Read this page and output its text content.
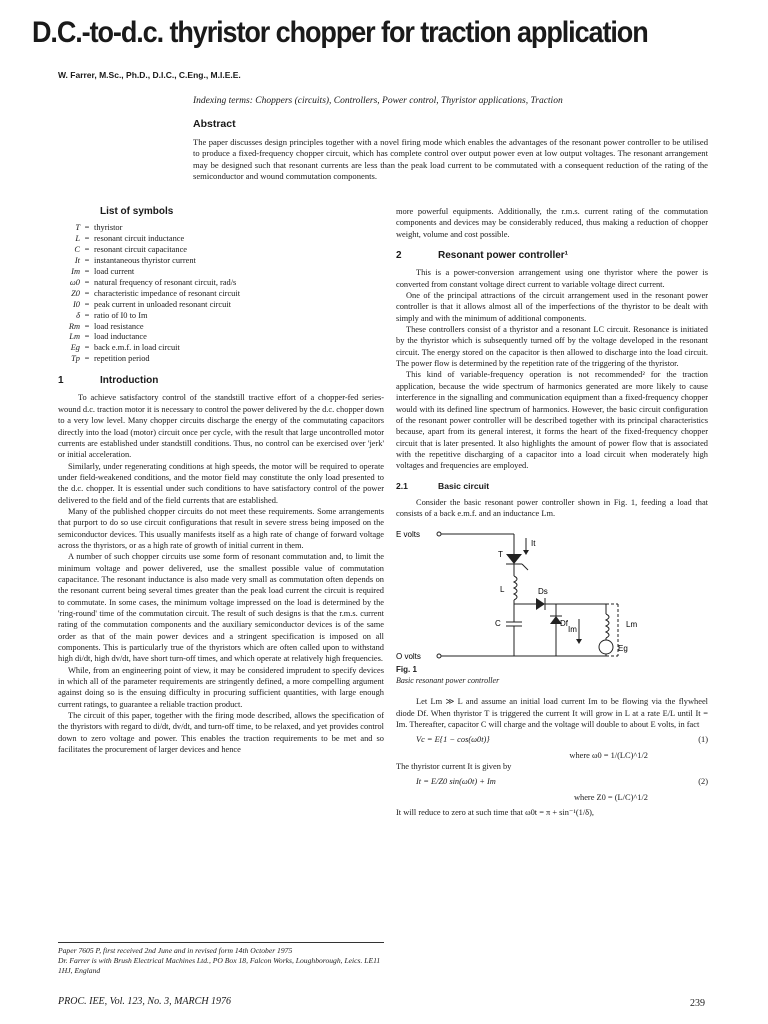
D.C.-to-d.c. thyristor chopper for traction application
W. Farrer, M.Sc., Ph.D., D.I.C., C.Eng., M.I.E.E.
Indexing terms: Choppers (circuits), Controllers, Power control, Thyristor applications, Traction
Abstract
The paper discusses design principles together with a novel firing mode which enables the advantages of the resonant power controller to be utilised to produce a fixed-frequency chopper circuit, which has complete control over output power even at low output voltages. The resonant arrangement may be designed such that resonant currents are less than the peak load current to be commutated with a consequent reduction of the rating of the semiconductor and wound commutation components.
List of symbols
T = thyristor
L = resonant circuit inductance
C = resonant circuit capacitance
It = instantaneous thyristor current
Im = load current
ω0 = natural frequency of resonant circuit, rad/s
Z0 = characteristic impedance of resonant circuit
I0 = peak current in unloaded resonant circuit
δ = ratio of I0 to Im
Rm = load resistance
Lm = load inductance
Eg = back e.m.f. in load circuit
Tp = repetition period
1	Introduction

To achieve satisfactory control of the standstill tractive effort of a chopper-fed series-wound d.c. traction motor it is necessary to control the power delivered by the d.c. chopper down to a very low level. Many chopper circuits discharge the energy of the commutating capacitors directly into the load (motor) circuit once per cycle, with the result that large uncontrolled motor currents are established under standstill conditions. Thus, no control can be exercised over 'jerk' or initial acceleration.

Similarly, under regenerating conditions at high speeds, the motor will be required to operate under field-weakened conditions, and the motor field may constitute the only load presented to the d.c. chopper. It is essential under such conditions to have satisfactory control of the power delivered to the field and of the field currents that are established.

Many of the published chopper circuits do not meet these requirements. Some arrangements that purport to do so use circuit configurations that result in severe stress being imposed on the semiconductor devices. This usually manifests itself as a high rate of change of forward voltage across the thyristors, or as a high rate of growth of initial current in them.

A number of such chopper circuits use some form of resonant commutation and, to limit the minimum voltage and power delivered, use the smallest possible value of commutation capacitance. The resonant inductance is also made very small as commutation often depends on the resonant current being several times greater than the peak load current the circuit is required to commutate. In some cases, the minimum voltage impressed on the load is determined by the 'ring-round' time of the commutation circuit. The result of such designs is that the r.m.s. current rating of the commutation components and the auxiliary semiconductor devices is of the same order as that of the main power devices and a stringent specification is imposed on all components. This is particularly true of the thyristors which are often called upon to withstand high di/dt, high dv/dt, have short turn-off times, and which operate at relatively high frequencies.

While, from an engineering point of view, it may be considered imprudent to specify devices in which all of the parameter requirements are stringently defined, a more compelling argument against doing so is the ensuing difficulty in procuring sufficient quantities, with large enough current ratings, to guarantee a reliable traction product.

The circuit of this paper, together with the firing mode described, allows the specification of the thyristors with regard to di/dt, dv/dt, and turn-off time, to be relaxed, and yet provides control down to zero voltage and power. This enables the traction requirements to be met and so facilitates the procurement of larger devices and hence

Paper 7605 P, first received 2nd June and in revised form 14th October 1975
Dr. Farrer is with Brush Electrical Machines Ltd., PO Box 18, Falcon Works, Loughborough, Leics. LE11 1HJ, England

more powerful equipments. Additionally, the r.m.s. current rating of the commutation components and devices may be considerably reduced, thus making a reduction of chopper weight, volume and cost possible.

2	Resonant power controller¹

This is a power-conversion arrangement using one thyristor where the power is converted from constant voltage direct current to variable voltage direct current.

One of the principal attractions of the circuit arrangement used in the resonant power controller is that it allows almost all of the imperfections of the thyristor to be dealt with simply and with the minimum of additional components.

These controllers consist of a thyristor and a resonant LC circuit. Resonance is initiated by the thyristor which is subsequently turned off by the voltage developed in the resonant circuit. The energy stored on the capacitor is then allowed to discharge into the load circuit. The power flow is determined by the repetition rate of the triggering of the thyristor.

This kind of variable-frequency operation is not recommended² for the traction application, because the wide spectrum of harmonics generated are more likely to cause interference in the signalling and communication equipment than a fixed-frequency chopper would with its defined line spectrum of harmonics. However, the basic circuit configuration of the resonant power controller will be described together with its principal characteristics because, apart from its general interest, it forms the heart of the fixed-frequency chopper circuit that is later presented. It also highlights the amount of power flow that is associated with the repetitive discharging of a capacitor into a load circuit when moderately high voltages and frequencies are employed.

2.1	Basic circuit

Consider the basic resonant power controller shown in Fig. 1, feeding a load that consists of a back e.m.f. and an inductance Lm.

E volts
O volts
T
It
L	Ds
C	Df
Im
Lm
Eg
Fig. 1
Basic resonant power controller

Let Lm ≫ L and assume an initial load current Im to be flowing via the flywheel diode Df. When thyristor T is triggered the current It will grow in L at a rate E/L until It = Im. Thereafter, capacitor C will charge and the voltage will double to about E volts, in fact

Vc = E{1 − cos(ω0t)}	(1)
where ω0 = 1/(LC)^1/2

The thyristor current It is given by

It = E/Z0 sin(ω0t) + Im	(2)
where Z0 = (L/C)^1/2

It will reduce to zero at such time that ω0t = π + sin⁻¹(1/δ),

PROC. IEE, Vol. 123, No. 3, MARCH 1976	239
